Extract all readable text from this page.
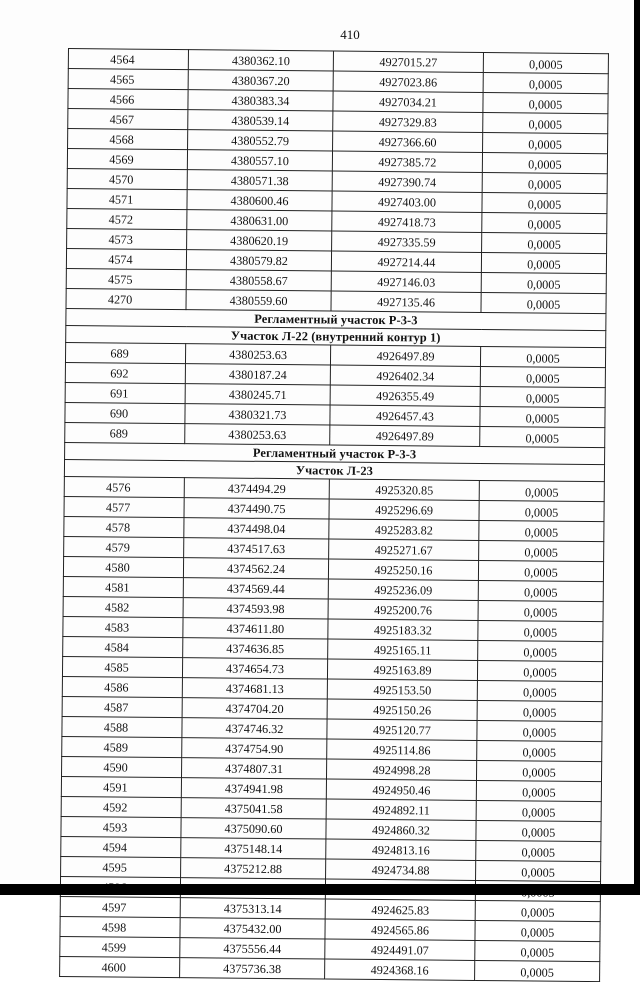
410
4564	4380362.10	4927015.27	0,0005
4565	4380367.20	4927023.86	0,0005
4566	4380383.34	4927034.21	0,0005
4567	4380539.14	4927329.83	0,0005
4568	4380552.79	4927366.60	0,0005
4569	4380557.10	4927385.72	0,0005
4570	4380571.38	4927390.74	0,0005
4571	4380600.46	4927403.00	0,0005
4572	4380631.00	4927418.73	0,0005
4573	4380620.19	4927335.59	0,0005
4574	4380579.82	4927214.44	0,0005
4575	4380558.67	4927146.03	0,0005
4270	4380559.60	4927135.46	0,0005
Регламентный участок Р-3-3			
Участок Л-22 (внутренний контур 1)			
689	4380253.63	4926497.89	0,0005
692	4380187.24	4926402.34	0,0005
691	4380245.71	4926355.49	0,0005
690	4380321.73	4926457.43	0,0005
689	4380253.63	4926497.89	0,0005
Регламентный участок Р-3-3			
Участок Л-23			
4576	4374494.29	4925320.85	0,0005
4577	4374490.75	4925296.69	0,0005
4578	4374498.04	4925283.82	0,0005
4579	4374517.63	4925271.67	0,0005
4580	4374562.24	4925250.16	0,0005
4581	4374569.44	4925236.09	0,0005
4582	4374593.98	4925200.76	0,0005
4583	4374611.80	4925183.32	0,0005
4584	4374636.85	4925165.11	0,0005
4585	4374654.73	4925163.89	0,0005
4586	4374681.13	4925153.50	0,0005
4587	4374704.20	4925150.26	0,0005
4588	4374746.32	4925120.77	0,0005
4589	4374754.90	4925114.86	0,0005
4590	4374807.31	4924998.28	0,0005
4591	4374941.98	4924950.46	0,0005
4592	4375041.58	4924892.11	0,0005
4593	4375090.60	4924860.32	0,0005
4594	4375148.14	4924813.16	0,0005
4595	4375212.88	4924734.88	0,0005

4597	4375313.14	4924625.83	0,0005
4598	4375432.00	4924565.86	0,0005
4599	4375556.44	4924491.07	0,0005
4600	4375736.38	4924368.16	0,0005
